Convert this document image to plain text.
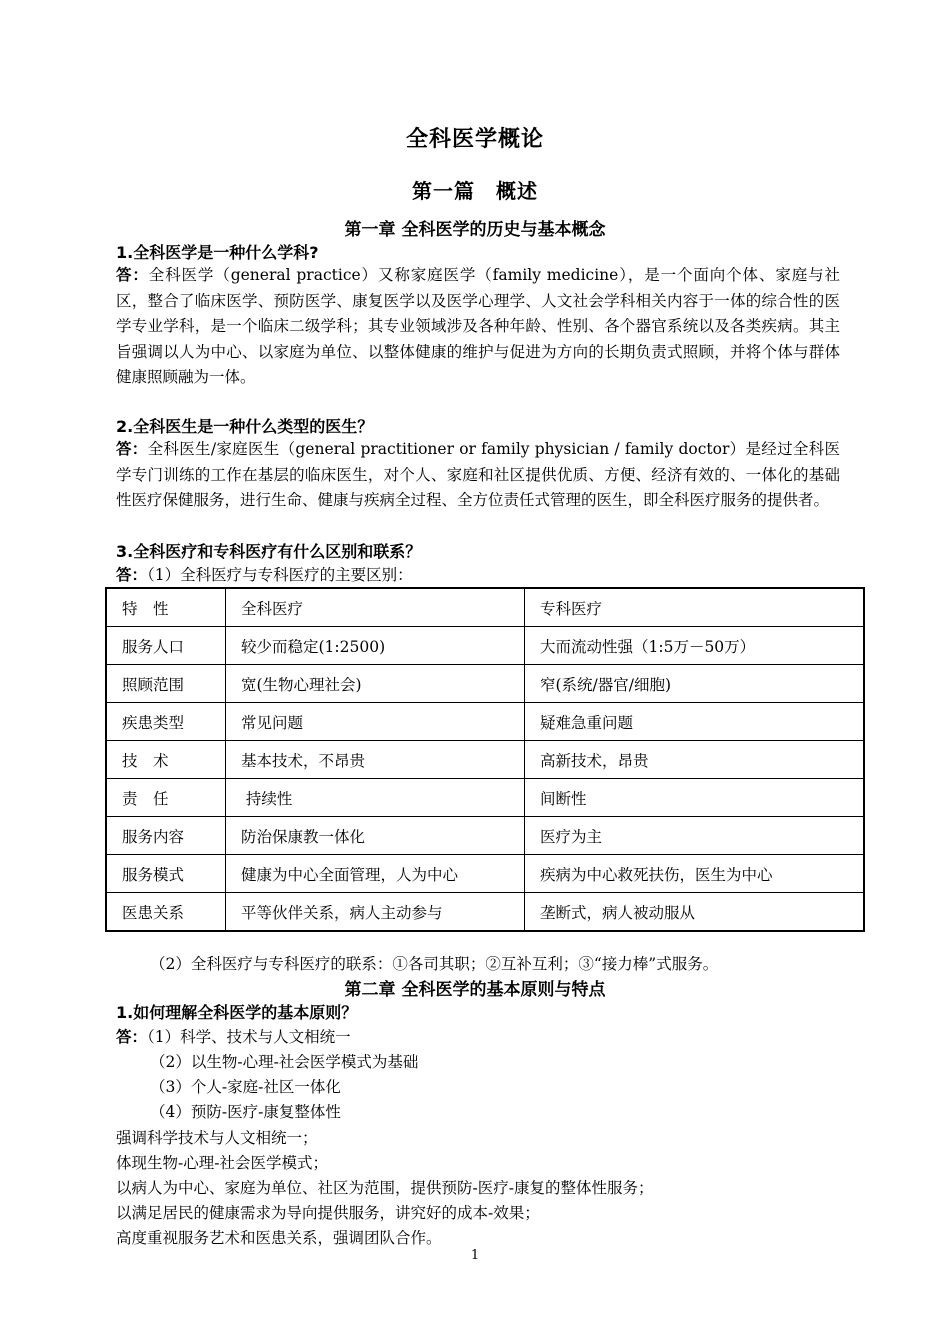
全科医学概论
第一篇　概述
第一章 全科医学的历史与基本概念
1.全科医学是一种什么学科?
答：全科医学（general practice）又称家庭医学（family medicine），是一个面向个体、家庭与社区，整合了临床医学、预防医学、康复医学以及医学心理学、人文社会学科相关内容于一体的综合性的医学专业学科，是一个临床二级学科；其专业领域涉及各种年龄、性别、各个器官系统以及各类疾病。其主旨强调以人为中心、以家庭为单位、以整体健康的维护与促进为方向的长期负责式照顾，并将个体与群体健康照顾融为一体。
2.全科医生是一种什么类型的医生？
答：全科医生/家庭医生（general practitioner or family physician / family doctor）是经过全科医学专门训练的工作在基层的临床医生，对个人、家庭和社区提供优质、方便、经济有效的、一体化的基础性医疗保健服务，进行生命、健康与疾病全过程、全方位责任式管理的医生，即全科医疗服务的提供者。
3.全科医疗和专科医疗有什么区别和联系？
答：（1）全科医疗与专科医疗的主要区别：
特　性	全科医疗	专科医疗
服务人口	较少而稳定(1:2500)	大而流动性强（1:5万－50万）
照顾范围	宽(生物心理社会)	窄(系统/器官/细胞)
疾患类型	常见问题	疑难急重问题
技　术	基本技术，不昂贵	高新技术，昂贵
责　任	持续性	间断性
服务内容	防治保康教一体化	医疗为主
服务模式	健康为中心全面管理，人为中心	疾病为中心救死扶伤，医生为中心
医患关系	平等伙伴关系，病人主动参与	垄断式，病人被动服从
（2）全科医疗与专科医疗的联系：①各司其职；②互补互利；③“接力棒”式服务。
第二章 全科医学的基本原则与特点
1.如何理解全科医学的基本原则？
答：（1）科学、技术与人文相统一
（2）以生物-心理-社会医学模式为基础
（3）个人-家庭-社区一体化
（4）预防-医疗-康复整体性
强调科学技术与人文相统一；
体现生物-心理-社会医学模式；
以病人为中心、家庭为单位、社区为范围，提供预防-医疗-康复的整体性服务；
以满足居民的健康需求为导向提供服务，讲究好的成本-效果；
高度重视服务艺术和医患关系，强调团队合作。
1
